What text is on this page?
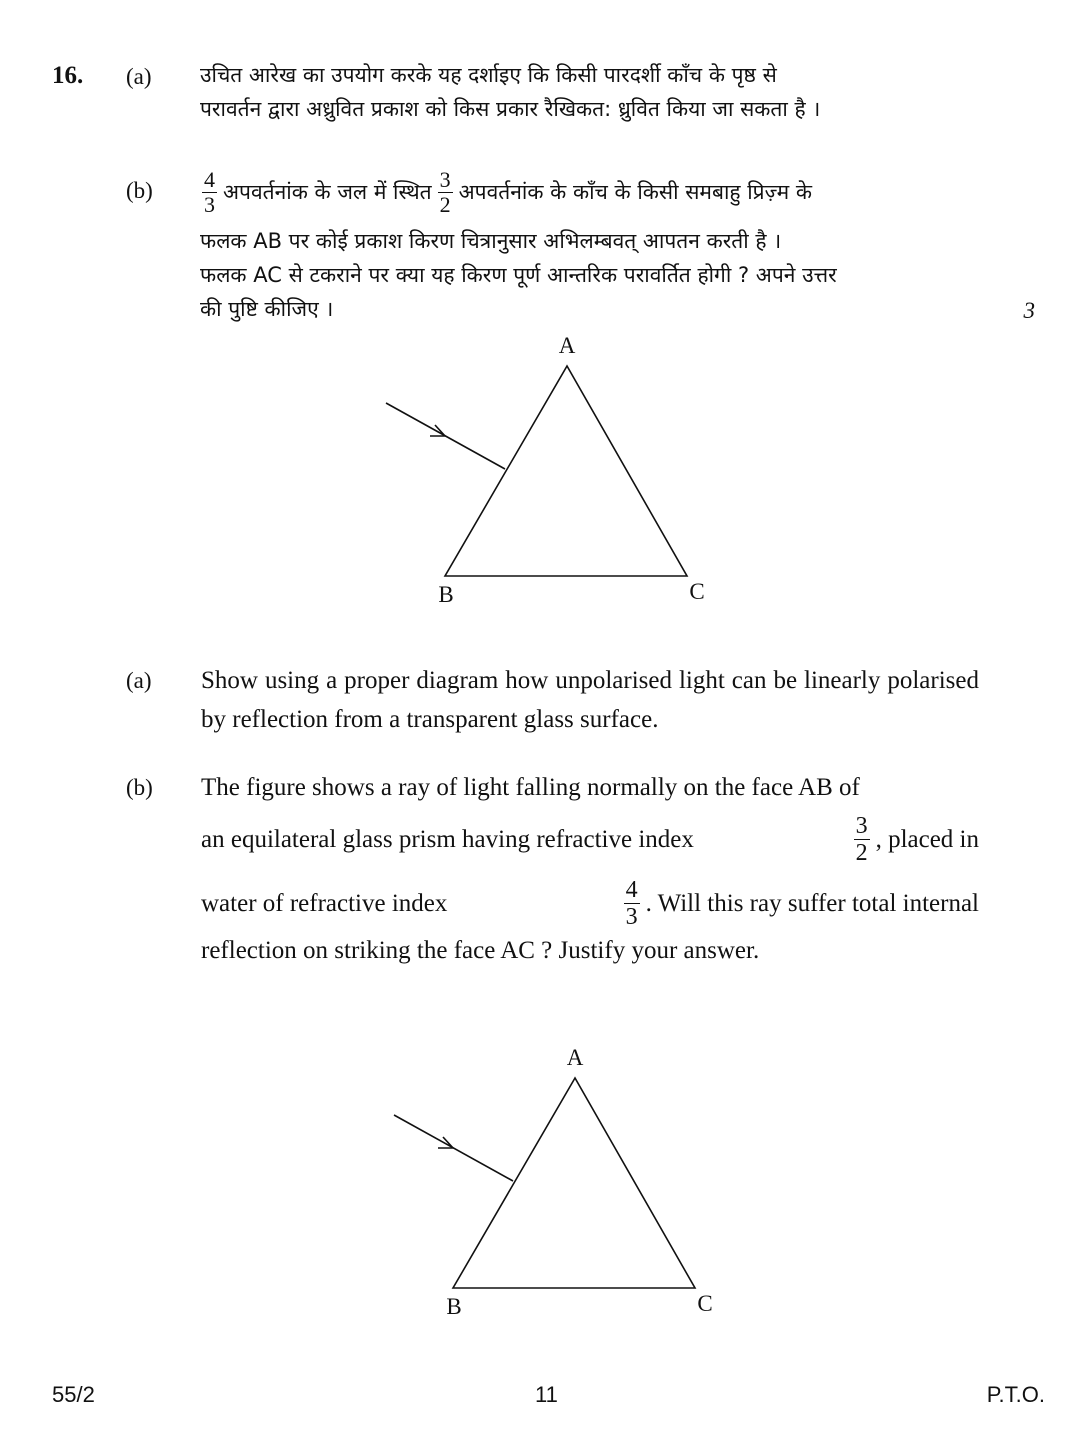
16. (a) उचित आरेख का उपयोग करके यह दर्शाइए कि किसी पारदर्शी काँच के पृष्ठ से
परावर्तन द्वारा अध्रुवित प्रकाश को किस प्रकार रैखिकत: ध्रुवित किया जा सकता है ।
$(b) \frac{4}{3}$ अपवर्तनांक के जल में स्थित $\frac{3}{2}$ अपवर्तनांक के काँच के किसी समबाहु प्रिज़्म के
फलक AB पर कोई प्रकाश किरण चित्रानुसार अभिलम्बवत् आपतन करती है ।
फलक AC से टकराने पर क्या यह किरण पूर्ण आन्तरिक परावर्तित होगी ? अपने उत्तर
की पुष्टि कीजिए ।	3
A
B	C
(a) Show using a proper diagram how unpolarised light can be linearly polarised by reflection from a transparent glass surface.
(b) The figure shows a ray of light falling normally on the face AB of
an equilateral glass prism having refractive index	$\frac{3}{2}$ , placed in
water of refractive index	$\frac{4}{3}$ . Will this ray suffer total internal
reflection on striking the face AC ? Justify your answer.
A
B	C
55/2	11	P.T.O.
